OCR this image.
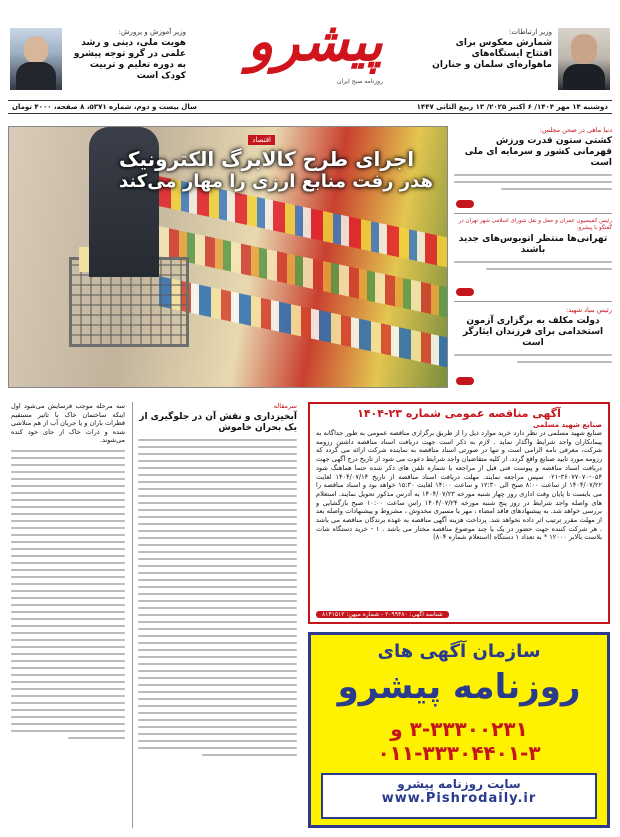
وزیر آموزش و پرورش:
هویت ملی، دینی و رشد علمی در گرو توجه پیشرو به دوره تعلیم و تربیت کودک است
پیشرو
روزنامه صبح ایران
وزیر ارتباطات:
شمارش معکوس برای افتتاح ایستگاه‌های ماهواره‌ای سلمان و جناران
دوشنبه ۱۴ مهر ۱۴۰۴/ ۶ اکتبر ۲۰۲۵/ ۱۳ ربیع الثانی ۱۴۴۷
سال بیست و دوم، شماره ۵۳۷۱، ۸ صفحه، ۴۰۰۰ تومان
اقتصاد
اجرای طرح کالابرگ الکترونیک
هدر رفت منابع ارزی را مهار می‌کند
دنیا ماهی در صحن مجلس:
کشتی ستون قدرت ورزش قهرمانی کشور و سرمایه ای ملی است
رئیس کمیسیون عمران و حمل و نقل شورای اسلامی شهر تهران در گفتگو با پیشرو:
تهرانی‌ها منتظر اتوبوس‌های جدید باشند
رئیس بنیاد شهید:
دولت مکلف به برگزاری آزمون استخدامی برای فرزندان ایثارگر است
آگهی مناقصه عمومی شماره ۲۳-۱۴۰۴
صنایع شهید مسلمی
صنایع شهید مسلمی در نظر دارد خرید موارد ذیل را از طریق برگزاری مناقصه عمومی به طور جداگانه به پیمانکاران واجد شرایط واگذار نماید . لازم به ذکر است جهت دریافت اسناد مناقصه داشتن رزومه شرکت، معرفی نامه الزامی است و تنها در صورتی اسناد مناقصه به نماینده شرکت ارائه می گردد که رزومه مورد تایید صنایع واقع گردد. از کلیه متقاضیان واجد شرایط دعوت می شود از تاریخ درج آگهی جهت دریافت اسناد مناقصه و پیوست فنی قبل از مراجعه با شماره تلفن های ذکر شده حتما هماهنگ شود ۰۵۴-۳۶۰۷۷۰۷۰-۰۲۱ سپس مراجعه نمایند. مهلت دریافت اسناد مناقصه از تاریخ ۱۴۰۴/۰۷/۱۴ لغایت ۱۴۰۴/۰۷/۲۲ از ساعت ۸:۰۰ صبح الی ۱۲:۳۰ و ساعت ۱۴:۰۰ لغایت ۱۵:۳۰ خواهد بود و اسناد مناقصه را می بایست تا پایان وقت اداری روز چهار شنبه مورخه ۱۴۰۴/۰۷/۲۳ به آدرس مذکور تحویل نمایند. استعلام های واصله واجد شرایط در روز پنج شنبه مورخه ۱۴۰۴/۰۷/۲۴ راس ساعت ۱۰:۰۰ صبح بازگشایی و بررسی خواهد شد. به پیشنهادهای فاقد امضاء ، مهر یا مسیری مخدوش ، مشروط و پیشنهادات واصله بعد از مهلت مقرر ترتیب اثر داده نخواهد شد. پرداخت هزینه آگهی مناقصه به عهده برندگان مناقصه می باشد . هر شرکت کننده جهت حضور در یک یا چند موضوع مناقصه مختار می باشد . ۱ - خرید دستگاه شات بلاست بالابر ۱۲۰۰۰ * به تعداد ۱ دستگاه (استعلام شماره ۸۰۴)
شناسه آگهی: ۲۰۹۹۴۸۰ - شماره میهن: ۸۱۴۱۵۱۲
سازمان آگهی های
روزنامه پیشرو
۳-۳۳۳۰۰۲۳۱ و ۳-۳۳۳۰۴۴۰۱-۰۱۱
سایت روزنامه پیشرو
www.Pishrodaily.ir
سرمقاله
آبخیزداری و نقش آن در جلوگیری از یک بحران خاموش
سه مرحله موجب فرسایش می‌شود اول اینکه ساختمان خاک با تاثیر مستقیم قطرات باران و یا جریان آب از هم متلاشی شده و ذرات خاک از جای خود کنده می‌شوند.
